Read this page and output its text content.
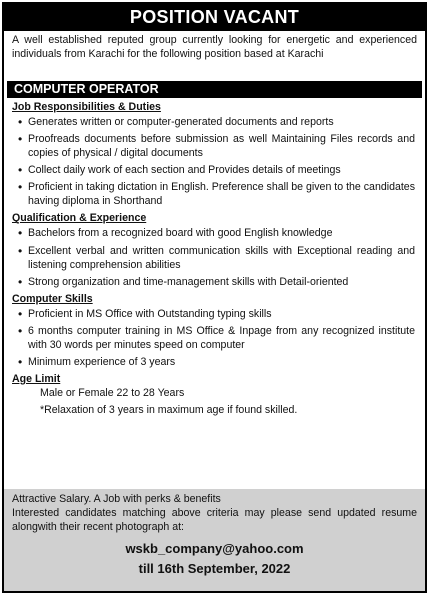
POSITION VACANT
A well established reputed group currently looking for energetic and experienced individuals from Karachi for the following position based at Karachi
COMPUTER OPERATOR
Job Responsibilities & Duties
• Generates written or computer-generated documents and reports
• Proofreads documents before submission as well Maintaining Files records and copies of physical / digital documents
• Collect daily work of each section and Provides details of meetings
• Proficient in taking dictation in English. Preference shall be given to the candidates having diploma in Shorthand
Qualification & Experience
• Bachelors from a recognized board with good English knowledge
• Excellent verbal and written communication skills with Exceptional reading and listening comprehension abilities
• Strong organization and time-management skills with Detail-oriented
Computer Skills
• Proficient in MS Office with Outstanding typing skills
• 6 months computer training in MS Office & Inpage from any recognized institute with 30 words per minutes speed on computer
• Minimum experience of 3 years
Age Limit
Male or Female 22 to 28 Years
*Relaxation of 3 years in maximum age if found skilled.
Attractive Salary. A Job with perks & benefits
Interested candidates matching above criteria may please send updated resume alongwith their recent photograph at:
wskb_company@yahoo.com
till 16th September, 2022
